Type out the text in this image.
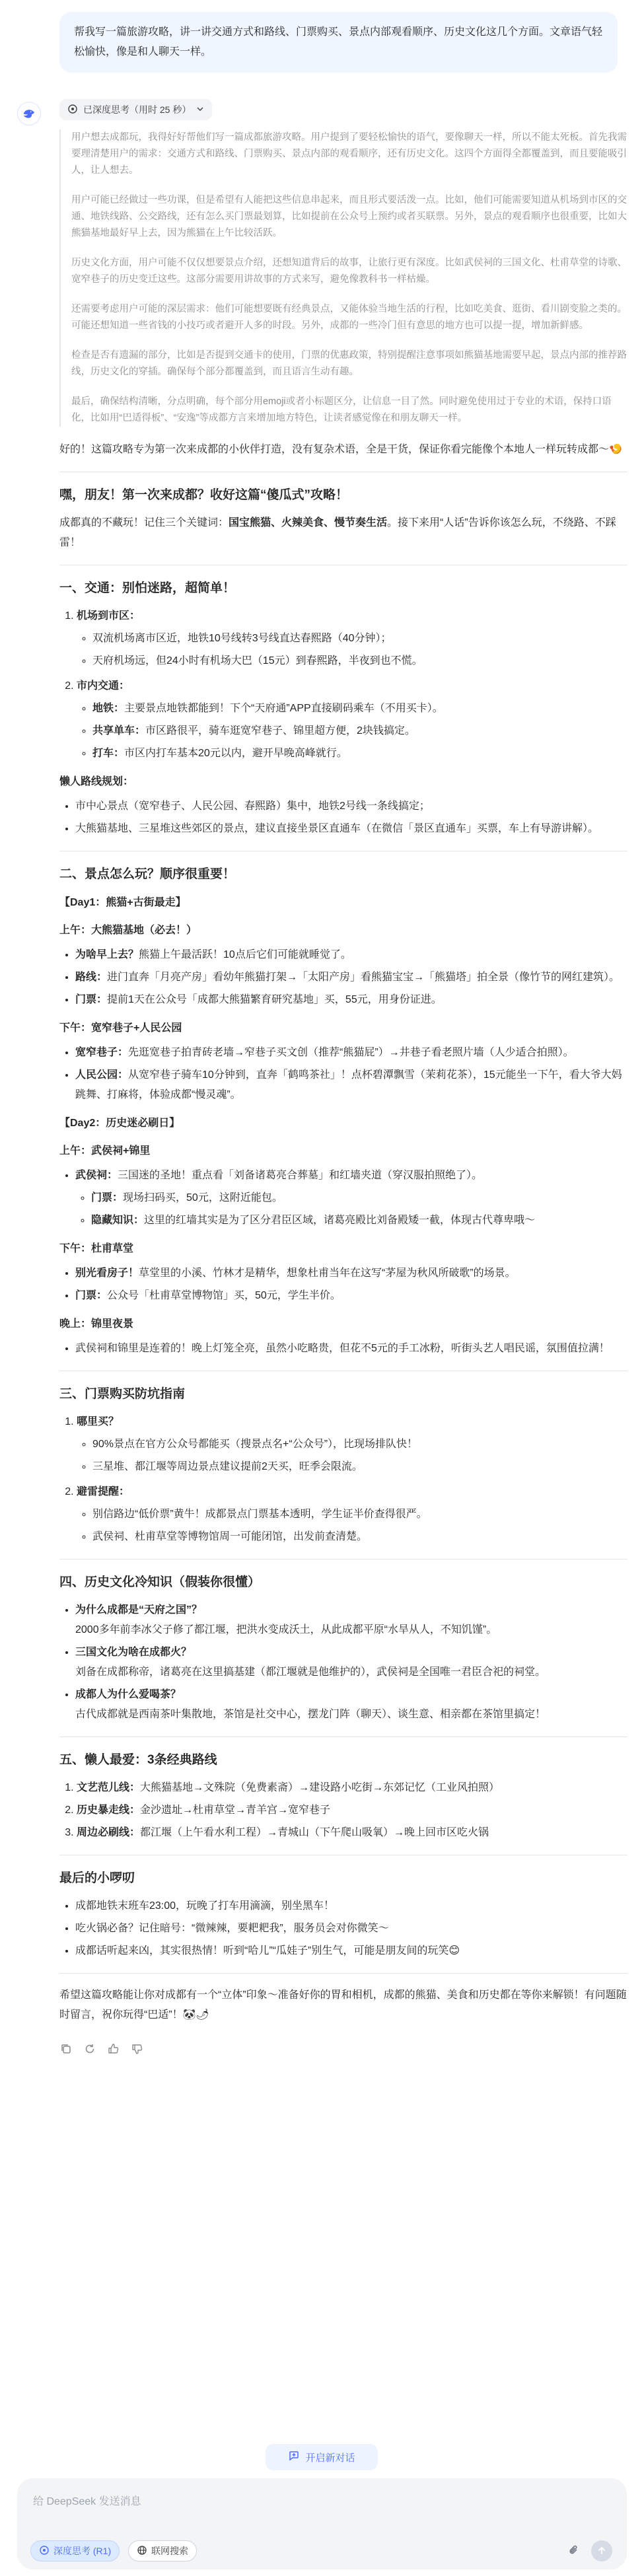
帮我写一篇旅游攻略，讲一讲交通方式和路线、门票购买、景点内部观看顺序、历史文化这几个方面。文章语气轻松愉快，像是和人聊天一样。
已深度思考（用时 25 秒）

用户想去成都玩，我得好好帮他们写一篇成都旅游攻略。用户提到了要轻松愉快的语气，要像聊天一样，所以不能太死板。首先我需要理清楚用户的需求：交通方式和路线、门票购买、景点内部的观看顺序，还有历史文化。这四个方面得全都覆盖到，而且要能吸引人，让人想去。

用户可能已经做过一些功课，但是希望有人能把这些信息串起来，而且形式要活泼一点。比如，他们可能需要知道从机场到市区的交通、地铁线路、公交路线，还有怎么买门票最划算，比如提前在公众号上预约或者买联票。另外，景点的观看顺序也很重要，比如大熊猫基地最好早上去，因为熊猫在上午比较活跃。

历史文化方面，用户可能不仅仅想要景点介绍，还想知道背后的故事，让旅行更有深度。比如武侯祠的三国文化、杜甫草堂的诗歌、宽窄巷子的历史变迁这些。这部分需要用讲故事的方式来写，避免像教科书一样枯燥。

还需要考虑用户可能的深层需求：他们可能想要既有经典景点，又能体验当地生活的行程，比如吃美食、逛街、看川剧变脸之类的。可能还想知道一些省钱的小技巧或者避开人多的时段。另外，成都的一些冷门但有意思的地方也可以提一提，增加新鲜感。

检查是否有遗漏的部分，比如是否提到交通卡的使用，门票的优惠政策，特别提醒注意事项如熊猫基地需要早起，景点内部的推荐路线，历史文化的穿插。确保每个部分都覆盖到，而且语言生动有趣。

最后，确保结构清晰，分点明确，每个部分用emoji或者小标题区分，让信息一目了然。同时避免使用过于专业的术语，保持口语化，比如用“巴适得板”、“安逸”等成都方言来增加地方特色，让读者感觉像在和朋友聊天一样。

好的！这篇攻略专为第一次来成都的小伙伴打造，没有复杂术语，全是干货，保证你看完能像个本地人一样玩转成都～🍤

嘿，朋友！第一次来成都？收好这篇“傻瓜式”攻略！

成都真的不藏玩！记住三个关键词：国宝熊猫、火辣美食、慢节奏生活。接下来用“人话”告诉你该怎么玩，不绕路、不踩雷！

一、交通：别怕迷路，超简单！
1. 机场到市区：
◦ 双流机场离市区近，地铁10号线转3号线直达春熙路（40分钟）；
◦ 天府机场远，但24小时有机场大巴（15元）到春熙路，半夜到也不慌。
2. 市内交通：
◦ 地铁：主要景点地铁都能到！下个“天府通”APP直接刷码乘车（不用买卡）。
◦ 共享单车：市区路很平，骑车逛宽窄巷子、锦里超方便，2块钱搞定。
◦ 打车：市区内打车基本20元以内，避开早晚高峰就行。
懒人路线规划：
• 市中心景点（宽窄巷子、人民公园、春熙路）集中，地铁2号线一条线搞定；
• 大熊猫基地、三星堆这些郊区的景点，建议直接坐景区直通车（在微信「景区直通车」买票，车上有导游讲解）。
二、景点怎么玩？顺序很重要！
【Day1：熊猫+古街最走】
上午：大熊猫基地（必去！）
• 为啥早上去？熊猫上午最活跃！10点后它们可能就睡觉了。
• 路线：进门直奔「月亮产房」看幼年熊猫打架→「太阳产房」看熊猫宝宝→「熊猫塔」拍全景（像竹节的网红建筑）。
• 门票：提前1天在公众号「成都大熊猫繁育研究基地」买，55元，用身份证进。
下午：宽窄巷子+人民公园
• 宽窄巷子：先逛宽巷子拍青砖老墙→窄巷子买文创（推荐“熊猫屁”）→井巷子看老照片墙（人少适合拍照）。
• 人民公园：从宽窄巷子骑车10分钟到，直奔「鹤鸣茶社」！点杯碧潭飘雪（茉莉花茶），15元能坐一下午，看大爷大妈跳舞、打麻将，体验成都“慢灵魂”。
【Day2：历史迷必刷日】
上午：武侯祠+锦里
• 武侯祠：三国迷的圣地！重点看「刘备诸葛亮合葬墓」和红墙夹道（穿汉服拍照绝了）。
◦ 门票：现场扫码买，50元，这附近能包。
◦ 隐藏知识：这里的红墙其实是为了区分君臣区域，诸葛亮殿比刘备殿矮一截，体现古代尊卑哦～
下午：杜甫草堂
• 别光看房子！草堂里的小溪、竹林才是精华，想象杜甫当年在这写“茅屋为秋风所破歌”的场景。
• 门票：公众号「杜甫草堂博物馆」买，50元，学生半价。
晚上：锦里夜景
• 武侯祠和锦里是连着的！晚上灯笼全亮，虽然小吃略贵，但花不5元的手工冰粉，听街头艺人唱民谣，氛围值拉满！
三、门票购买防坑指南
1. 哪里买？
◦ 90%景点在官方公众号都能买（搜景点名+“公众号”），比现场排队快！
◦ 三星堆、都江堰等周边景点建议提前2天买，旺季会限流。
2. 避雷提醒：
◦ 别信路边“低价票”黄牛！成都景点门票基本透明，学生证半价查得很严。
◦ 武侯祠、杜甫草堂等博物馆周一可能闭馆，出发前查清楚。
四、历史文化冷知识（假装你很懂）
• 为什么成都是“天府之国”？
2000多年前李冰父子修了都江堰，把洪水变成沃土，从此成都平原“水旱从人，不知饥馑”。
• 三国文化为啥在成都火？
刘备在成都称帝，诸葛亮在这里搞基建（都江堰就是他维护的），武侯祠是全国唯一君臣合祀的祠堂。
• 成都人为什么爱喝茶？
古代成都就是西南茶叶集散地，茶馆是社交中心，摆龙门阵（聊天）、谈生意、相亲都在茶馆里搞定！
五、懒人最爱：3条经典路线
1. 文艺范儿线：大熊猫基地→文殊院（免费素斋）→建设路小吃街→东郊记忆（工业风拍照）
2. 历史暴走线：金沙遗址→杜甫草堂→青羊宫→宽窄巷子
3. 周边必刷线：都江堰（上午看水利工程）→青城山（下午爬山吸氧）→晚上回市区吃火锅
最后的小啰叨
• 成都地铁末班车23:00，玩晚了打车用滴滴，别坐黑车！
• 吃火锅必备？记住暗号：“微辣辣，要耙耙我”，服务员会对你微笑～
• 成都话听起来凶，其实很热情！听到“哈儿”“瓜娃子”别生气，可能是朋友间的玩笑😊

希望这篇攻略能让你对成都有一个“立体”印象～准备好你的胃和相机，成都的熊猫、美食和历史都在等你来解锁！有问题随时留言，祝你玩得“巴适”！🐼🌶

开启新对话
给 DeepSeek 发送消息
深度思考 (R1)	联网搜索
